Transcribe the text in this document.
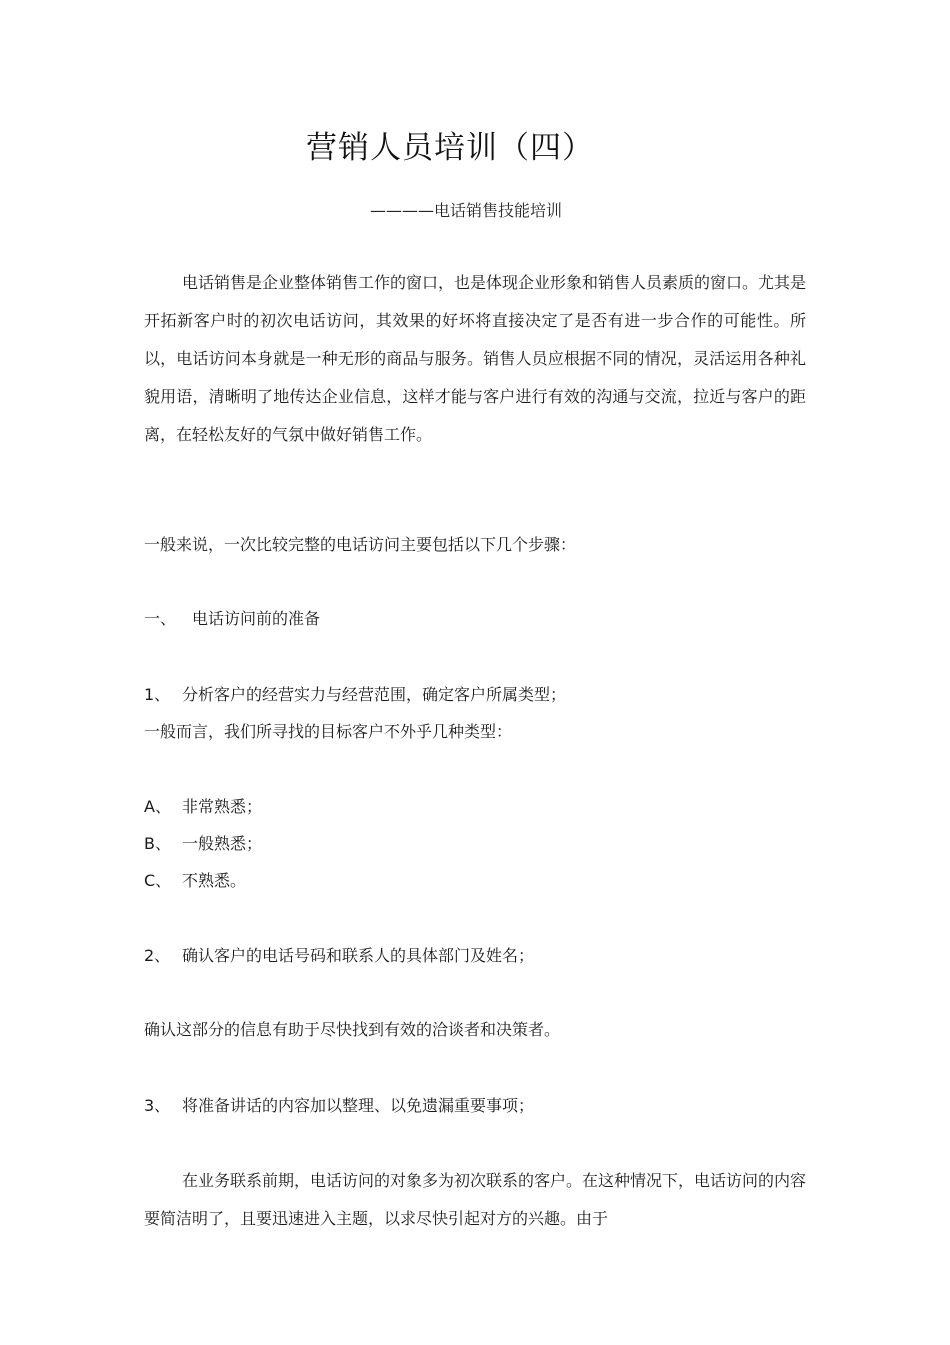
营销人员培训（四）
————电话销售技能培训
电话销售是企业整体销售工作的窗口，也是体现企业形象和销售人员素质的窗口。尤其是开拓新客户时的初次电话访问，其效果的好坏将直接决定了是否有进一步合作的可能性。所以，电话访问本身就是一种无形的商品与服务。销售人员应根据不同的情况，灵活运用各种礼貌用语，清晰明了地传达企业信息，这样才能与客户进行有效的沟通与交流，拉近与客户的距离，在轻松友好的气氛中做好销售工作。
一般来说，一次比较完整的电话访问主要包括以下几个步骤：
一、 电话访问前的准备
1、 分析客户的经营实力与经营范围，确定客户所属类型；
一般而言，我们所寻找的目标客户不外乎几种类型：
A、 非常熟悉；
B、 一般熟悉；
C、 不熟悉。
2、 确认客户的电话号码和联系人的具体部门及姓名；
确认这部分的信息有助于尽快找到有效的洽谈者和决策者。
3、 将准备讲话的内容加以整理、以免遗漏重要事项；
在业务联系前期，电话访问的对象多为初次联系的客户。在这种情况下，电话访问的内容要简洁明了，且要迅速进入主题，以求尽快引起对方的兴趣。由于
